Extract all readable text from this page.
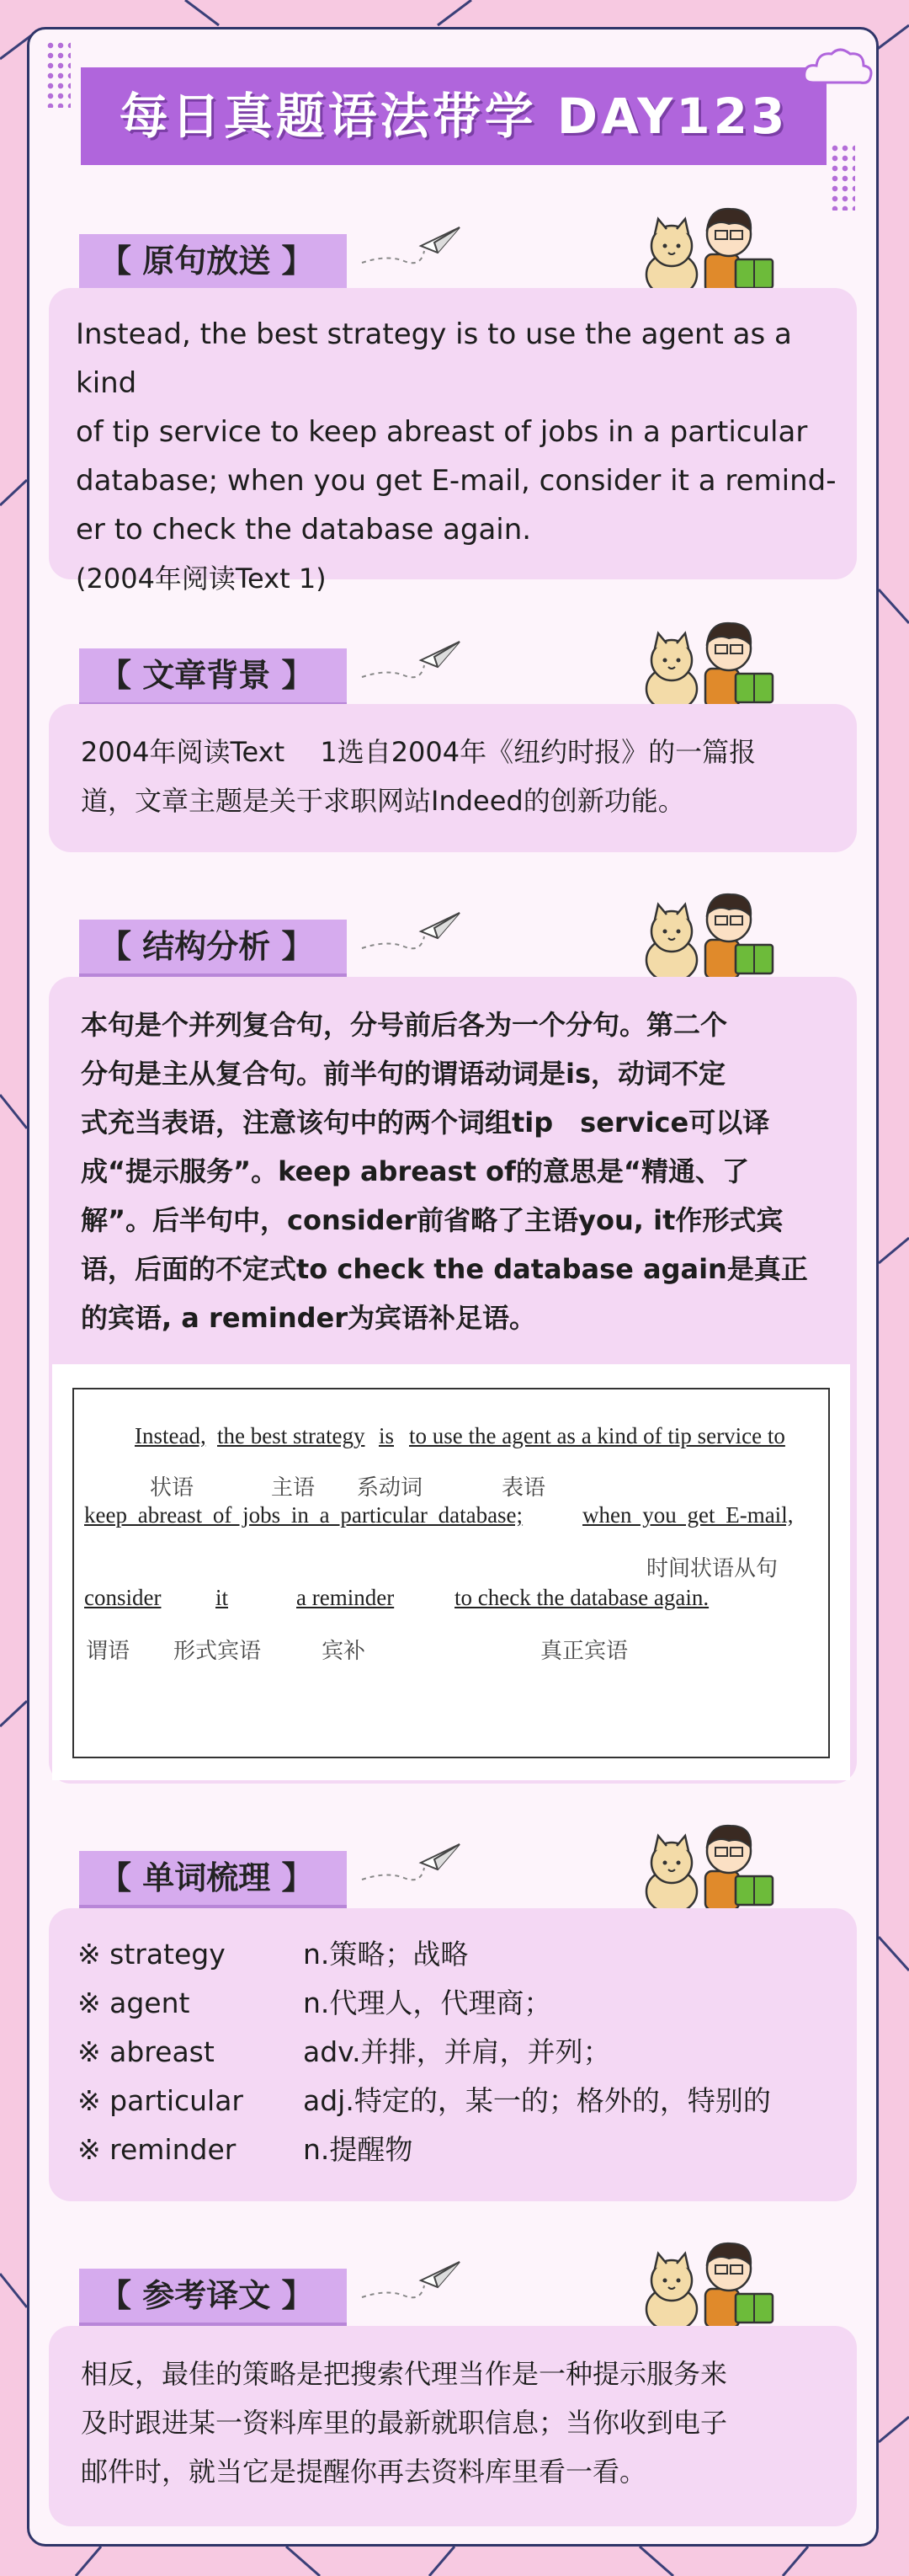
每日真题语法带学 DAY123
【 原句放送 】
Instead, the best strategy is to use the agent as a kind
of tip service to keep abreast of jobs in a particular
database; when you get E-mail, consider it a remind-
er to check the database again.
(2004年阅读Text 1)
【 文章背景 】
2004年阅读Text　 1选自2004年《纽约时报》的一篇报
道，文章主题是关于求职网站Indeed的创新功能。
【 结构分析 】
本句是个并列复合句，分号前后各为一个分句。第二个
分句是主从复合句。前半句的谓语动词是is，动词不定
式充当表语，注意该句中的两个词组tip　service可以译
成“提示服务”。keep abreast of的意思是“精通、了
解”。后半句中，consider前省略了主语you, it作形式宾
语，后面的不定式to check the database again是真正
的宾语, a reminder为宾语补足语。
Instead, the best strategy is to use the agent as a kind of tip service to
状语	主语 系动词	表语
keep abreast of jobs in a particular database;	when you get E-mail,
时间状语从句
consider it	a reminder	to check the database again.
谓语 形式宾语	宾补	真正宾语
【 单词梳理 】
※ strategy	n.策略；战略
※ agent	n.代理人，代理商；
※ abreast	adv.并排，并肩，并列；
※ particular adj.特定的，某一的；格外的，特别的
※ reminder n.提醒物
【 参考译文 】
相反，最佳的策略是把搜索代理当作是一种提示服务来
及时跟进某一资料库里的最新就职信息；当你收到电子
邮件时，就当它是提醒你再去资料库里看一看。
